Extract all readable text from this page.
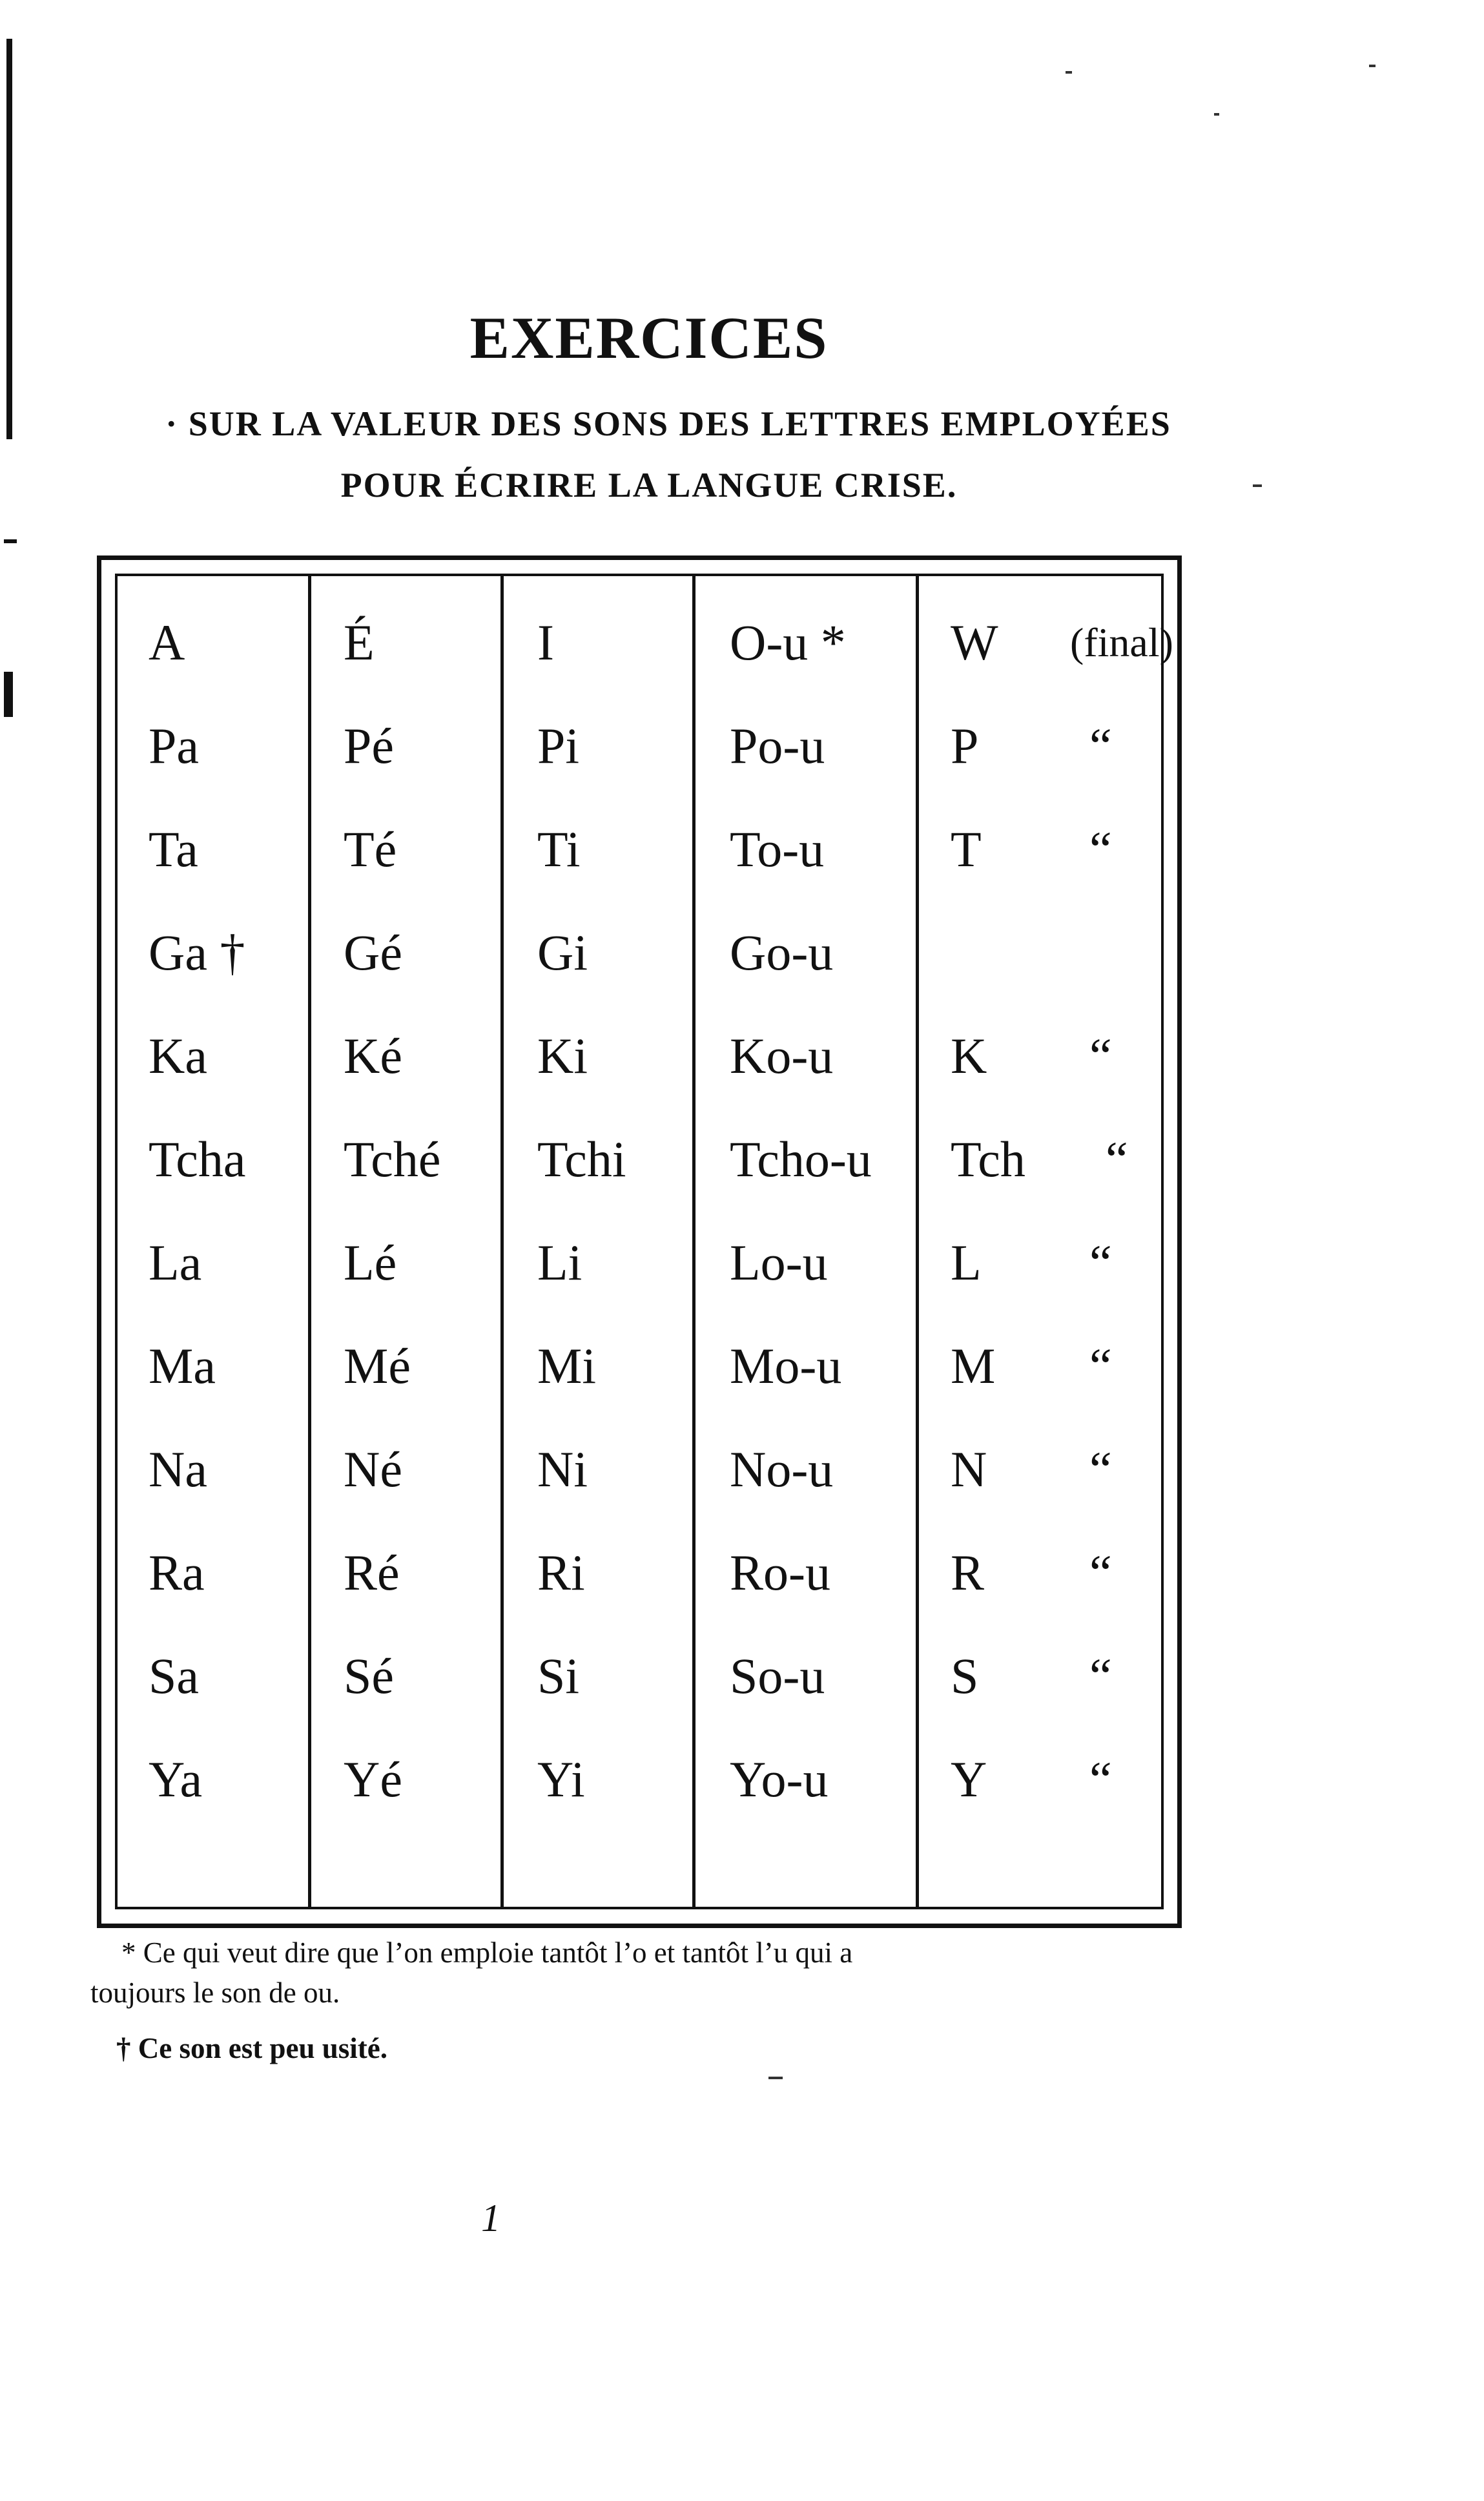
EXERCICES

· SUR LA VALEUR DES SONS DES LETTRES EMPLOYÉES

POUR ÉCRIRE LA LANGUE CRISE.

A	É	I	O-u * W (final)
Pa	Pé	Pi	Po-u P “
Ta	Té	Ti	To-u	T “
Ga † Gé	Gi	Go-u
Ka	Ké	Ki	Ko-u K “
Tcha Tché Tchi Tcho-u Tch “
La	Lé	Li	Lo-u L “
Ma	Mé	Mi	Mo-u M “
Na	Né	Ni	No-u N “
Ra	Ré	Ri	Ro-u R “
Sa	Sé	Si	So-u S “
Ya	Yé	Yi	Yo-u Y “
* Ce qui veut dire que l’on emploie tantôt l’o et tantôt l’u qui a
toujours le son de ou.
† Ce son est peu usité.
1
